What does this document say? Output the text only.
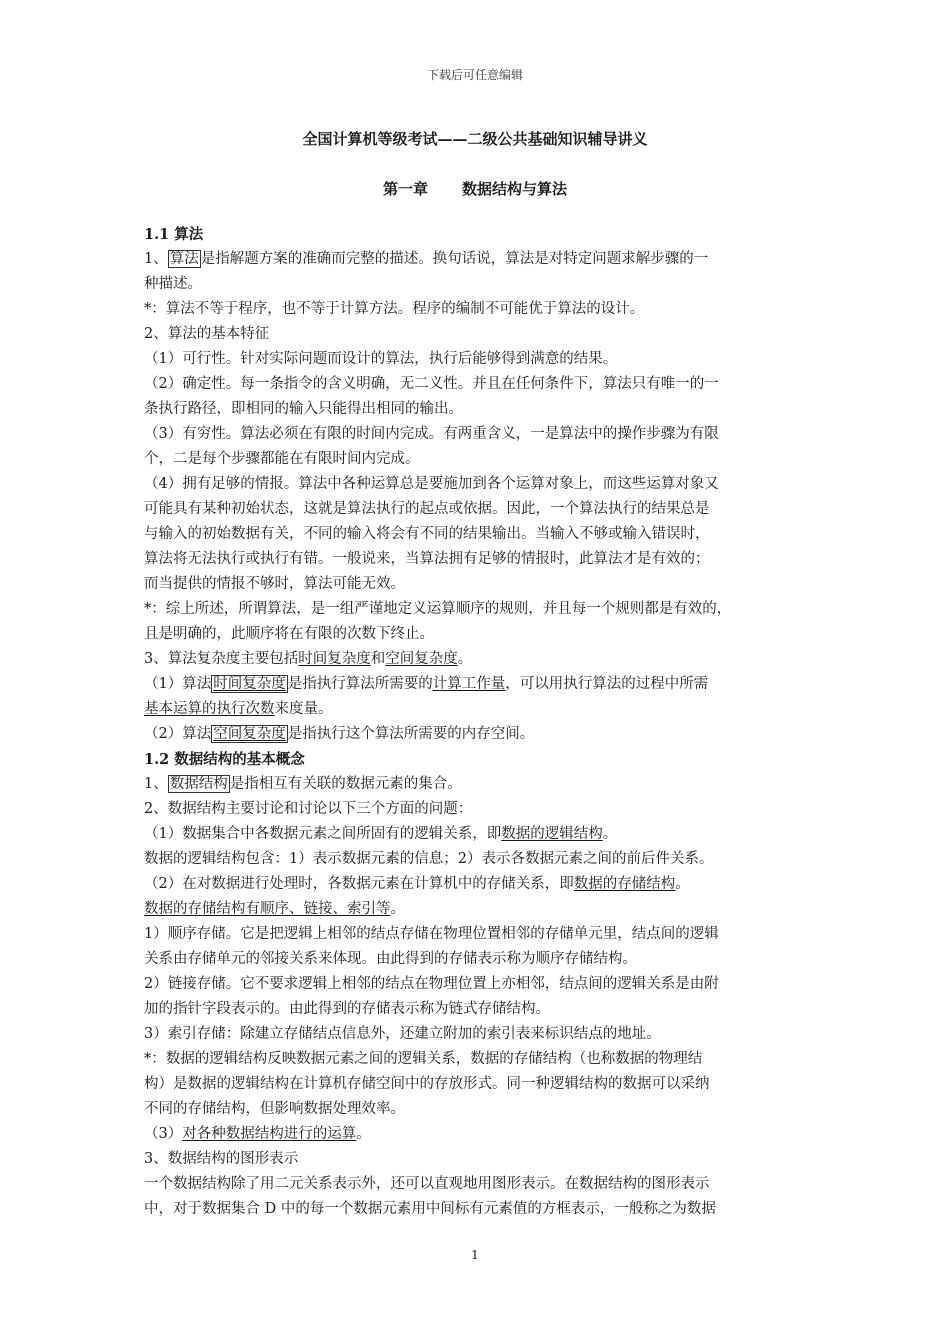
下载后可任意编辑
全国计算机等级考试——二级公共基础知识辅导讲义
第一章 数据结构与算法

1.1 算法

1、 算法 是指解题方案的准确而完整的描述。换句话说，算法是对特定问题求解步骤的一

种描述。

*：算法不等于程序，也不等于计算方法。程序的编制不可能优于算法的设计。

2、算法的基本特征

（1）可行性。针对实际问题而设计的算法，执行后能够得到满意的结果。

（2）确定性。每一条指令的含义明确，无二义性。并且在任何条件下，算法只有唯一的一

条执行路径，即相同的输入只能得出相同的输出。

（3）有穷性。算法必须在有限的时间内完成。有两重含义，一是算法中的操作步骤为有限

个，二是每个步骤都能在有限时间内完成。

（4）拥有足够的情报。算法中各种运算总是要施加到各个运算对象上，而这些运算对象又

可能具有某种初始状态，这就是算法执行的起点或依据。因此，一个算法执行的结果总是

与输入的初始数据有关，不同的输入将会有不同的结果输出。当输入不够或输入错误时，

算法将无法执行或执行有错。一般说来，当算法拥有足够的情报时，此算法才是有效的；

而当提供的情报不够时，算法可能无效。

*：综上所述，所谓算法，是一组严谨地定义运算顺序的规则，并且每一个规则都是有效的，

且是明确的，此顺序将在有限的次数下终止。

3、算法复杂度主要包括时间复杂度和空间复杂度。

（1）算法 时间复杂度 是指执行算法所需要的计算工作量，可以用执行算法的过程中所需

基本运算的执行次数来度量。

（2）算法 空间复杂度 是指执行这个算法所需要的内存空间。

1.2 数据结构的基本概念

1、 数据结构 是指相互有关联的数据元素的集合。

2、数据结构主要讨论和讨论以下三个方面的问题：

（1）数据集合中各数据元素之间所固有的逻辑关系，即数据的逻辑结构。

数据的逻辑结构包含：1）表示数据元素的信息；2）表示各数据元素之间的前后件关系。

（2）在对数据进行处理时，各数据元素在计算机中的存储关系，即数据的存储结构。

数据的存储结构有顺序、链接、索引等。

1）顺序存储。它是把逻辑上相邻的结点存储在物理位置相邻的存储单元里，结点间的逻辑

关系由存储单元的邻接关系来体现。由此得到的存储表示称为顺序存储结构。

2）链接存储。它不要求逻辑上相邻的结点在物理位置上亦相邻，结点间的逻辑关系是由附

加的指针字段表示的。由此得到的存储表示称为链式存储结构。

3）索引存储：除建立存储结点信息外，还建立附加的索引表来标识结点的地址。

*：数据的逻辑结构反映数据元素之间的逻辑关系，数据的存储结构（也称数据的物理结

构）是数据的逻辑结构在计算机存储空间中的存放形式。同一种逻辑结构的数据可以采纳

不同的存储结构，但影响数据处理效率。

（3）对各种数据结构进行的运算。

3、数据结构的图形表示

一个数据结构除了用二元关系表示外，还可以直观地用图形表示。在数据结构的图形表示

中，对于数据集合 D 中的每一个数据元素用中间标有元素值的方框表示，一般称之为数据

1
